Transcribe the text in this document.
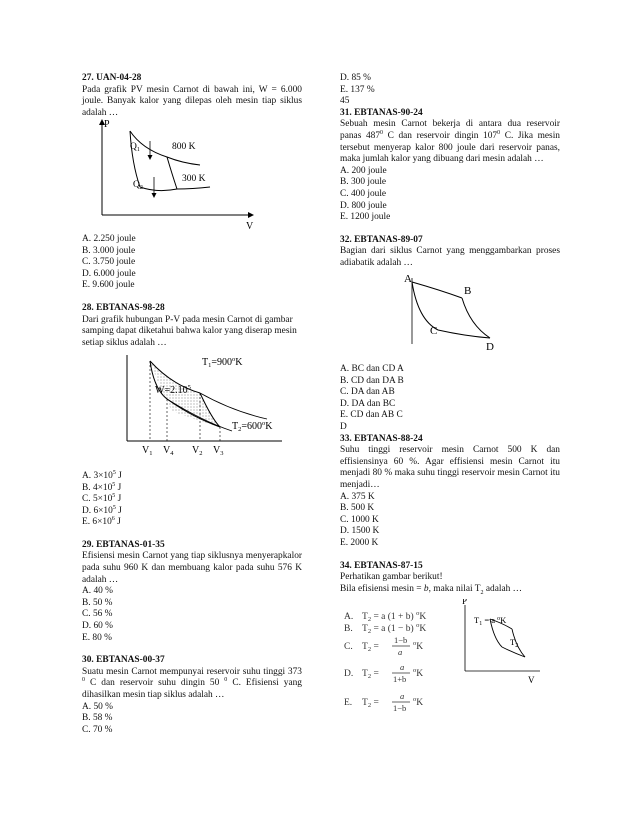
27. UAN-04-28

Pada grafik PV mesin Carnot di bawah ini, W = 6.000 joule. Banyak kalor yang dilepas oleh mesin tiap siklus adalah …

P
V
$Q_1$
$Q_2$
800 K
300 K

A. 2.250 joule

B. 3.000 joule

C. 3.750 joule

D. 6.000 joule

E. 9.600 joule

28. EBTANAS-98-28

Dari grafik hubungan P-V pada mesin Carnot di gambar samping dapat diketahui bahwa kalor yang diserap mesin setiap siklus adalah …

$T_1=900^oK$
$W=2.10^5$
$T_2=600^oK$
$V_1$ $V_4$ $V_2$ $V_3$

A. $3\times 10^5$ J

B. $4\times 10^5$ J

C. $5\times 10^5$ J

D. $6\times 10^5$ J

E. $6\times 10^6$ J

29. EBTANAS-01-35

Efisiensi mesin Carnot yang tiap siklusnya menyerapkalor pada suhu 960 K dan membuang kalor pada suhu 576 K adalah …

A. 40 %

B. 50 %

C. 56 %

D. 60 %

E. 80 %

30. EBTANAS-00-37

Suatu mesin Carnot mempunyai reservoir suhu tinggi 373 $^0$ C dan reservoir suhu dingin 50 $^0$ C. Efisiensi yang dihasilkan mesin tiap siklus adalah …

A. 50 %

B. 58 %

C. 70 %

D. 85 %

E. 137 %

45

31. EBTANAS-90-24

Sebuah mesin Carnot bekerja di antara dua reservoir panas $487^0$ C dan reservoir dingin $107^0$ C. Jika mesin tersebut menyerap kalor 800 joule dari reservoir panas, maka jumlah kalor yang dibuang dari mesin adalah …

A. 200 joule

B. 300 joule

C. 400 joule

D. 800 joule

E. 1200 joule

32. EBTANAS-89-07

Bagian dari siklus Carnot yang menggambarkan proses adiabatik adalah …

A
B
C
D

A. BC dan CD A

B. CD dan DA B

C. DA dan AB

D. DA dan BC

E. CD dan AB C

D

33. EBTANAS-88-24

Suhu tinggi reservoir mesin Carnot 500 K dan effisiensinya 60 %. Agar effisiensi mesin Carnot itu menjadi 80 % maka suhu tinggi reservoir mesin Carnot itu menjadi…

A. 375 K

B. 500 K

C. 1000 K

D. 1500 K

E. 2000 K

34. EBTANAS-87-15

Perhatikan gambar berikut!

Bila efisiensi mesin = b, maka nilai $T_2$ adalah …

A. $T_2 = a$ (1 + b) $^o$K
B. $T_2 = a$ (1 − b) $^o$K
C. $T_2$ =
1−b
a
$^o$K
D. $T_2$ =
a
1+b
$^o$K
E. $T_2$ =
a
1−b
$^o$K
P
V
$T_1 = a$ $^o$K
$T_2$
